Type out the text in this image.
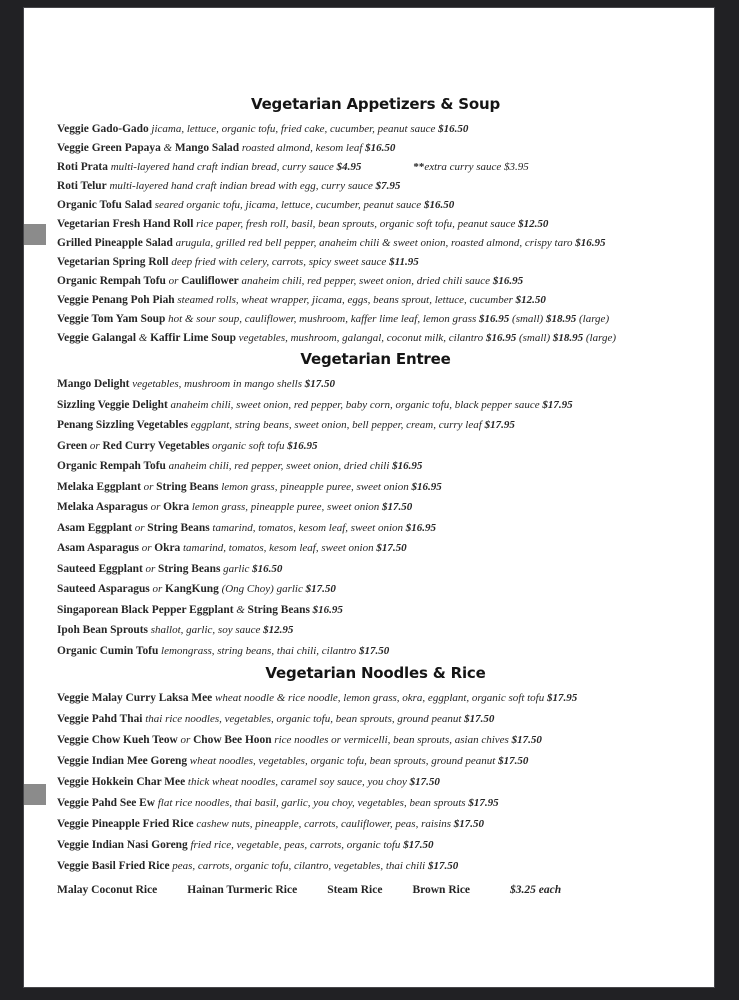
Vegetarian Appetizers & Soup
Veggie Gado-Gado jicama, lettuce, organic tofu, fried cake, cucumber, peanut sauce $16.50
Veggie Green Papaya & Mango Salad roasted almond, kesom leaf $16.50
Roti Prata multi-layered hand craft indian bread, curry sauce $4.95	**extra curry sauce $3.95
Roti Telur multi-layered hand craft indian bread with egg, curry sauce $7.95
Organic Tofu Salad seared organic tofu, jicama, lettuce, cucumber, peanut sauce $16.50
Vegetarian Fresh Hand Roll rice paper, fresh roll, basil, bean sprouts, organic soft tofu, peanut sauce $12.50
Grilled Pineapple Salad arugula, grilled red bell pepper, anaheim chili & sweet onion, roasted almond, crispy taro $16.95
Vegetarian Spring Roll deep fried with celery, carrots, spicy sweet sauce $11.95
Organic Rempah Tofu or Cauliflower anaheim chili, red pepper, sweet onion, dried chili sauce $16.95
Veggie Penang Poh Piah steamed rolls, wheat wrapper, jicama, eggs, beans sprout, lettuce, cucumber $12.50
Veggie Tom Yam Soup hot & sour soup, cauliflower, mushroom, kaffer lime leaf, lemon grass $16.95 (small) $18.95 (large)
Veggie Galangal & Kaffir Lime Soup vegetables, mushroom, galangal, coconut milk, cilantro $16.95 (small) $18.95 (large)
Vegetarian Entree
Mango Delight vegetables, mushroom in mango shells $17.50
Sizzling Veggie Delight anaheim chili, sweet onion, red pepper, baby corn, organic tofu, black pepper sauce $17.95
Penang Sizzling Vegetables eggplant, string beans, sweet onion, bell pepper, cream, curry leaf $17.95
Green or Red Curry Vegetables organic soft tofu $16.95
Organic Rempah Tofu anaheim chili, red pepper, sweet onion, dried chili $16.95
Melaka Eggplant or String Beans lemon grass, pineapple puree, sweet onion $16.95
Melaka Asparagus or Okra lemon grass, pineapple puree, sweet onion $17.50
Asam Eggplant or String Beans tamarind, tomatos, kesom leaf, sweet onion $16.95
Asam Asparagus or Okra tamarind, tomatos, kesom leaf, sweet onion $17.50
Sauteed Eggplant or String Beans garlic $16.50
Sauteed Asparagus or KangKung (Ong Choy) garlic $17.50
Singaporean Black Pepper Eggplant & String Beans $16.95
Ipoh Bean Sprouts shallot, garlic, soy sauce $12.95
Organic Cumin Tofu lemongrass, string beans, thai chili, cilantro $17.50
Vegetarian Noodles & Rice
Veggie Malay Curry Laksa Mee wheat noodle & rice noodle, lemon grass, okra, eggplant, organic soft tofu $17.95
Veggie Pahd Thai thai rice noodles, vegetables, organic tofu, bean sprouts, ground peanut $17.50
Veggie Chow Kueh Teow or Chow Bee Hoon rice noodles or vermicelli, bean sprouts, asian chives $17.50
Veggie Indian Mee Goreng wheat noodles, vegetables, organic tofu, bean sprouts, ground peanut $17.50
Veggie Hokkein Char Mee thick wheat noodles, caramel soy sauce, you choy $17.50
Veggie Pahd See Ew flat rice noodles, thai basil, garlic, you choy, vegetables, bean sprouts $17.95
Veggie Pineapple Fried Rice cashew nuts, pineapple, carrots, cauliflower, peas, raisins $17.50
Veggie Indian Nasi Goreng fried rice, vegetable, peas, carrots, organic tofu $17.50
Veggie Basil Fried Rice peas, carrots, organic tofu, cilantro, vegetables, thai chili $17.50
Malay Coconut Rice	Hainan Turmeric Rice	Steam Rice	Brown Rice	$3.25 each
